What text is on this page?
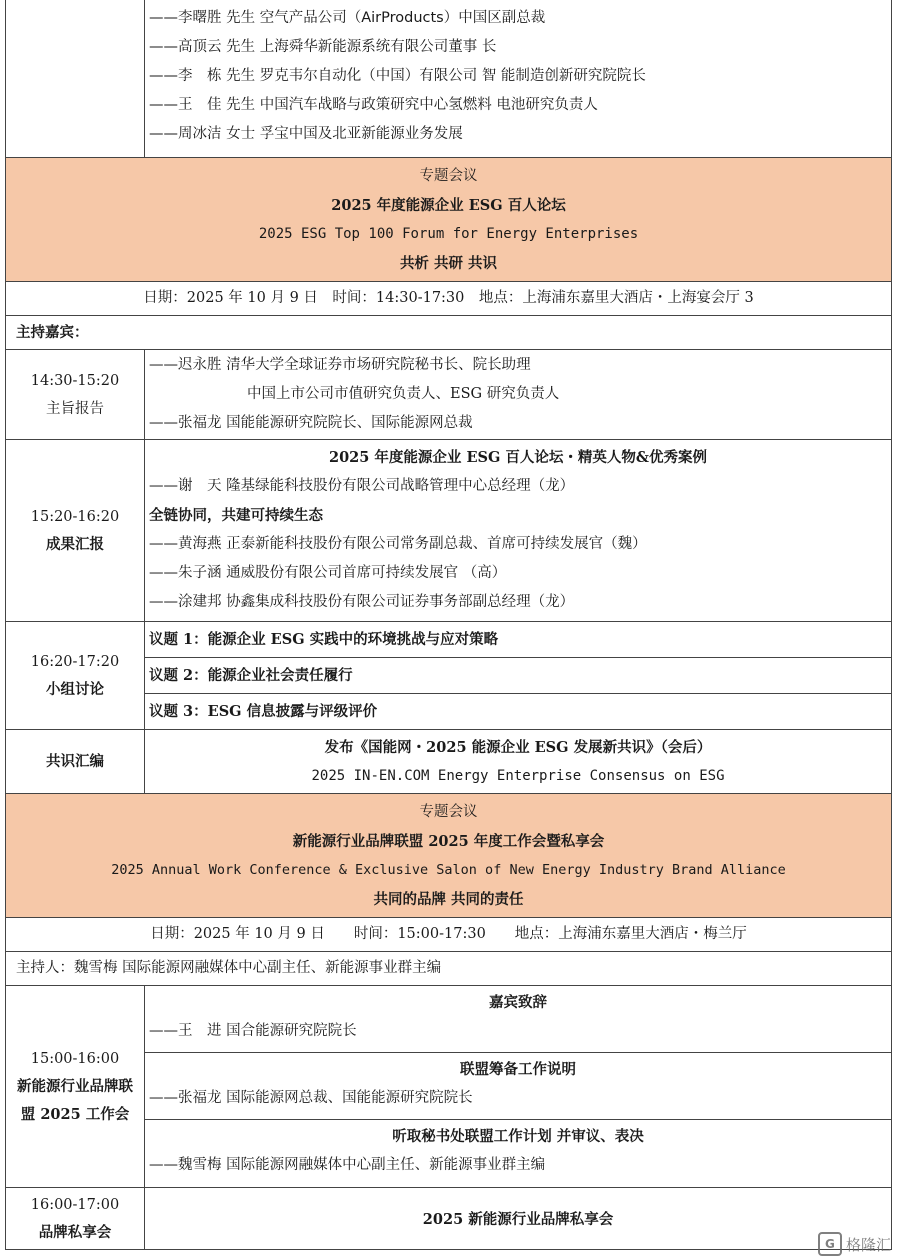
——李曙胜 先生 空气产品公司（AirProducts）中国区副总裁
——高顶云 先生 上海舜华新能源系统有限公司董事 长
——李　栋 先生 罗克韦尔自动化（中国）有限公司 智 能制造创新研究院院长
——王　佳 先生 中国汽车战略与政策研究中心氢燃料 电池研究负责人
——周冰洁 女士 孚宝中国及北亚新能源业务发展
专题会议
2025 年度能源企业 ESG 百人论坛
2025 ESG Top 100 Forum for Energy Enterprises
共析 共研 共识
日期：2025 年 10 月 9 日　时间：14:30-17:30　地点：上海浦东嘉里大酒店・上海宴会厅 3
主持嘉宾：
14:30-15:20
主旨报告
——迟永胜 清华大学全球证券市场研究院秘书长、院长助理
中国上市公司市值研究负责人、ESG 研究负责人
——张福龙 国能能源研究院院长、国际能源网总裁
15:20-16:20
成果汇报
2025 年度能源企业 ESG 百人论坛・精英人物&优秀案例
——谢　天 隆基绿能科技股份有限公司战略管理中心总经理（龙）
全链协同，共建可持续生态
——黄海燕 正泰新能科技股份有限公司常务副总裁、首席可持续发展官（魏）
——朱子涵 通威股份有限公司首席可持续发展官 （高）
——涂建邦 协鑫集成科技股份有限公司证券事务部副总经理（龙）
16:20-17:20
小组讨论
议题 1：能源企业 ESG 实践中的环境挑战与应对策略
议题 2：能源企业社会责任履行
议题 3：ESG 信息披露与评级评价
共识汇编
发布《国能网・2025 能源企业 ESG 发展新共识》（会后）
2025 IN-EN.COM Energy Enterprise Consensus on ESG
专题会议
新能源行业品牌联盟 2025 年度工作会暨私享会
2025 Annual Work Conference & Exclusive Salon of New Energy Industry Brand Alliance
共同的品牌 共同的责任
日期：2025 年 10 月 9 日　　时间：15:00-17:30　　地点：上海浦东嘉里大酒店・梅兰厅
主持人：魏雪梅 国际能源网融媒体中心副主任、新能源事业群主编
15:00-16:00
新能源行业品牌联盟 2025 工作会
嘉宾致辞
——王　进 国合能源研究院院长
联盟筹备工作说明
——张福龙 国际能源网总裁、国能能源研究院院长
听取秘书处联盟工作计划 并审议、表决
——魏雪梅 国际能源网融媒体中心副主任、新能源事业群主编
16:00-17:00
品牌私享会
2025 新能源行业品牌私享会
G 格隆汇
